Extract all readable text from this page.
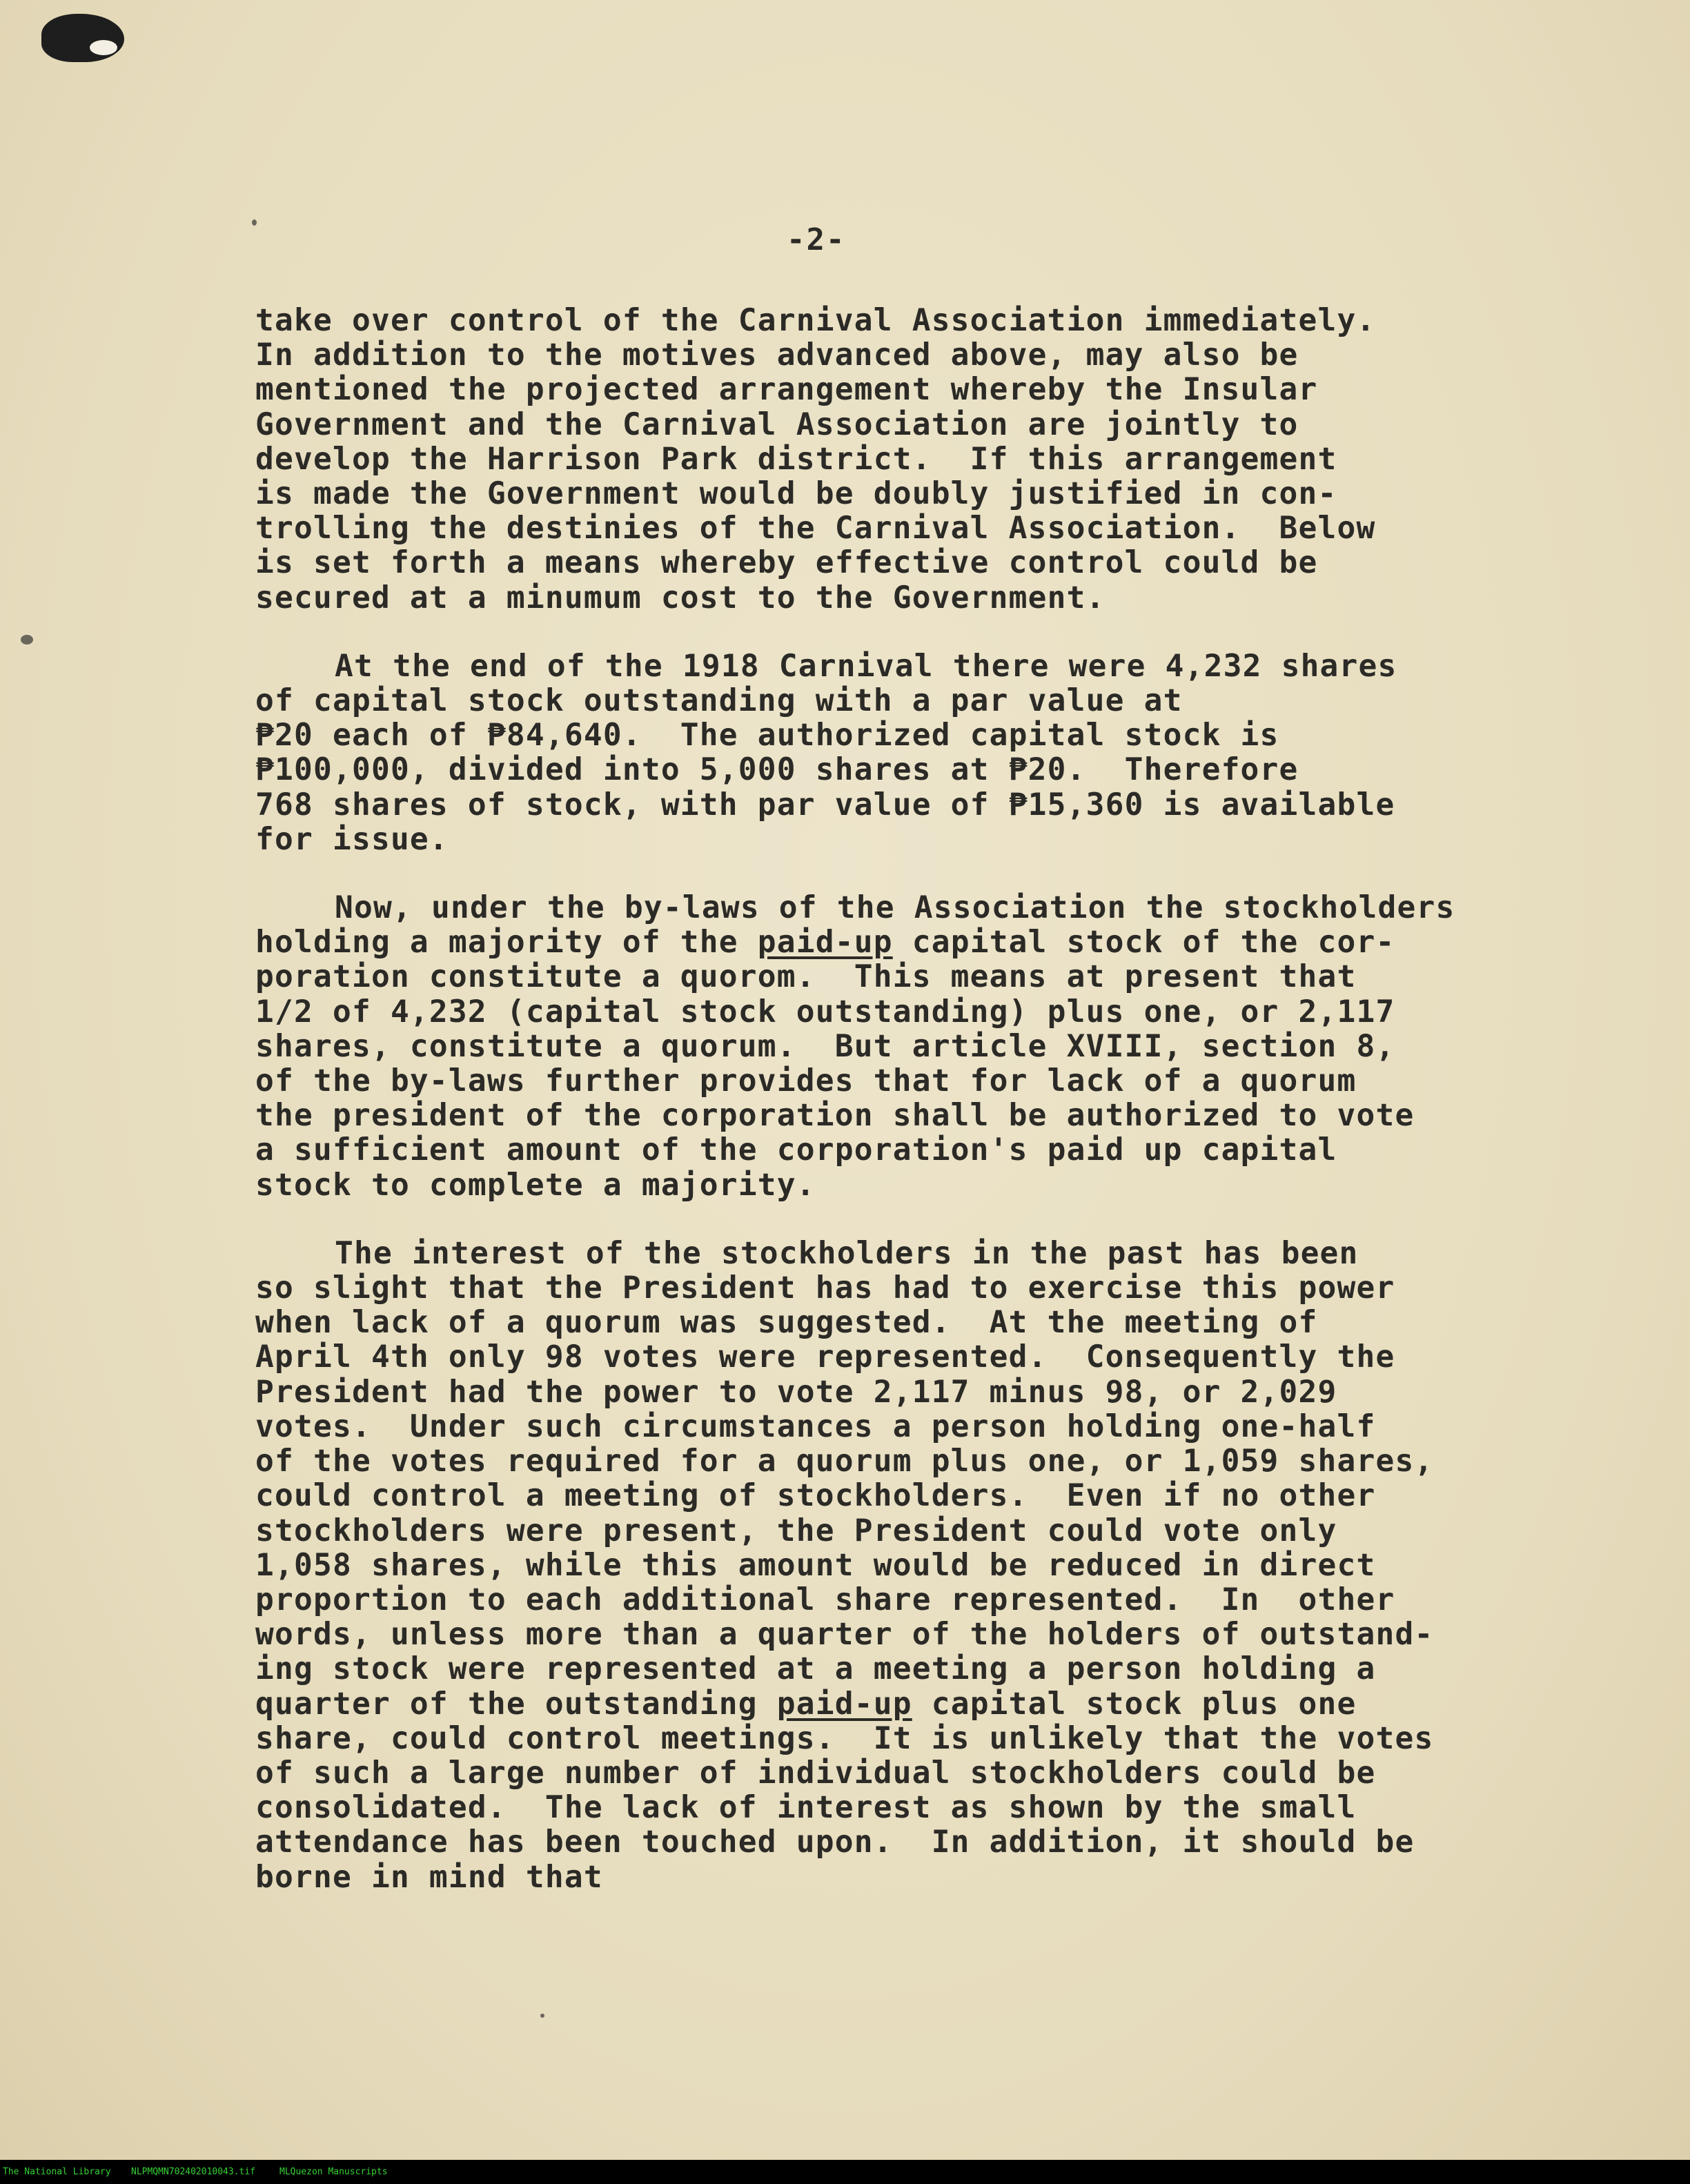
-2-
take over control of the Carnival Association immediately.
In addition to the motives advanced above, may also be
mentioned the projected arrangement whereby the Insular
Government and the Carnival Association are jointly to
develop the Harrison Park district.  If this arrangement
is made the Government would be doubly justified in con-
trolling the destinies of the Carnival Association.  Below
is set forth a means whereby effective control could be
secured at a minumum cost to the Government.
At the end of the 1918 Carnival there were 4,232 shares
of capital stock outstanding with a par value at
₱20 each of ₱84,640.  The authorized capital stock is
₱100,000, divided into 5,000 shares at ₱20.  Therefore
768 shares of stock, with par value of ₱15,360 is available
for issue.
Now, under the by-laws of the Association the stockholders
holding a majority of the paid-up capital stock of the cor-
poration constitute a quorom.  This means at present that
1/2 of 4,232 (capital stock outstanding) plus one, or 2,117
shares, constitute a quorum.  But article XVIII, section 8,
of the by-laws further provides that for lack of a quorum
the president of the corporation shall be authorized to vote
a sufficient amount of the corporation's paid up capital
stock to complete a majority.
The interest of the stockholders in the past has been
so slight that the President has had to exercise this power
when lack of a quorum was suggested.  At the meeting of
April 4th only 98 votes were represented.  Consequently the
President had the power to vote 2,117 minus 98, or 2,029
votes.  Under such circumstances a person holding one-half
of the votes required for a quorum plus one, or 1,059 shares,
could control a meeting of stockholders.  Even if no other
stockholders were present, the President could vote only
1,058 shares, while this amount would be reduced in direct
proportion to each additional share represented.  In  other
words, unless more than a quarter of the holders of outstand-
ing stock were represented at a meeting a person holding a
quarter of the outstanding paid-up capital stock plus one
share, could control meetings.  It is unlikely that the votes
of such a large number of individual stockholders could be
consolidated.  The lack of interest as shown by the small
attendance has been touched upon.  In addition, it should be
borne in mind that
The National Library NLPMQMN702402010043.tif	MLQuezon Manuscripts
